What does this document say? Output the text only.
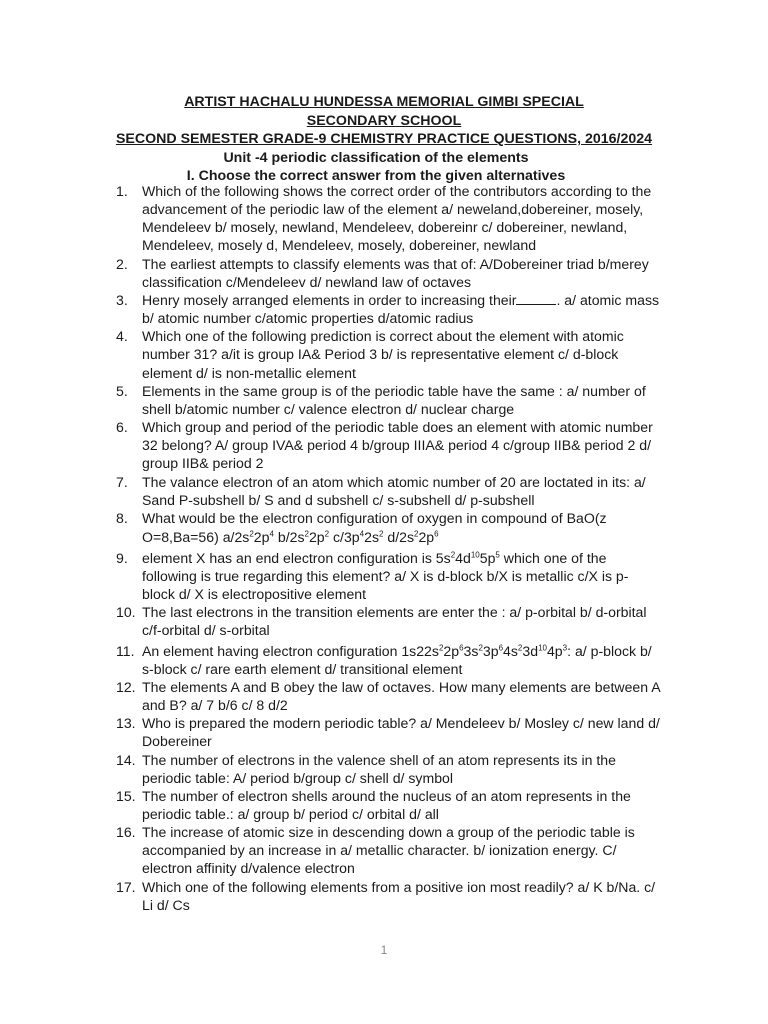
ARTIST HACHALU HUNDESSA MEMORIAL GIMBI SPECIAL
SECONDARY SCHOOL
SECOND SEMESTER GRADE-9 CHEMISTRY PRACTICE QUESTIONS, 2016/2024
Unit -4 periodic classification of the elements
I. Choose the correct answer from the given alternatives
1. Which of the following shows the correct order of the contributors according to the advancement of the periodic law of the element a/ neweland,dobereiner, mosely, Mendeleev b/ mosely, newland, Mendeleev, dobereinr c/ dobereiner, newland, Mendeleev, mosely d, Mendeleev, mosely, dobereiner, newland
2. The earliest attempts to classify elements was that of: A/Dobereiner triad b/merey classification c/Mendeleev d/ newland law of octaves
3. Henry mosely arranged elements in order to increasing their	. a/ atomic mass b/ atomic number c/atomic properties d/atomic radius
4. Which one of the following prediction is correct about the element with atomic number 31? a/it is group IA& Period 3 b/ is representative element c/ d-block element d/ is non-metallic element
5. Elements in the same group is of the periodic table have the same : a/ number of shell b/atomic number c/ valence electron d/ nuclear charge
6. Which group and period of the periodic table does an element with atomic number 32 belong? A/ group IVA& period 4 b/group IIIA& period 4 c/group IIB& period 2 d/ group IIB& period 2
7. The valance electron of an atom which atomic number of 20 are loctated in its: a/ Sand P-subshell b/ S and d subshell c/ s-subshell d/ p-subshell
8. What would be the electron configuration of oxygen in compound of BaO(z O=8,Ba=56) $a/2s^22p^4$ $b/2s^22p^2$ $c/3p^42s^2$ $d/2s^22p^6$
9. element X has an end electron configuration is $5s^24d^{10}5p^5$ which one of the following is true regarding this element? a/ X is d-block b/X is metallic c/X is p-block d/ X is electropositive element
10. The last electrons in the transition elements are enter the : a/ p-orbital b/ d-orbital c/f-orbital d/ s-orbital
11. An element having electron configuration $1s22s^22p^63s^23p^64s^23d^{10}4p^3$: a/ p-block b/ s-block c/ rare earth element d/ transitional element
12. The elements A and B obey the law of octaves. How many elements are between A and B? a/ 7 b/6 c/ 8 d/2
13. Who is prepared the modern periodic table? a/ Mendeleev b/ Mosley c/ new land d/ Dobereiner
14. The number of electrons in the valence shell of an atom represents its in the periodic table: A/ period b/group c/ shell d/ symbol
15. The number of electron shells around the nucleus of an atom represents in the periodic table.: a/ group b/ period c/ orbital d/ all
16. The increase of atomic size in descending down a group of the periodic table is accompanied by an increase in a/ metallic character. b/ ionization energy. C/ electron affinity d/valence electron
17. Which one of the following elements from a positive ion most readily? a/ K b/Na. c/ Li d/ Cs
1
